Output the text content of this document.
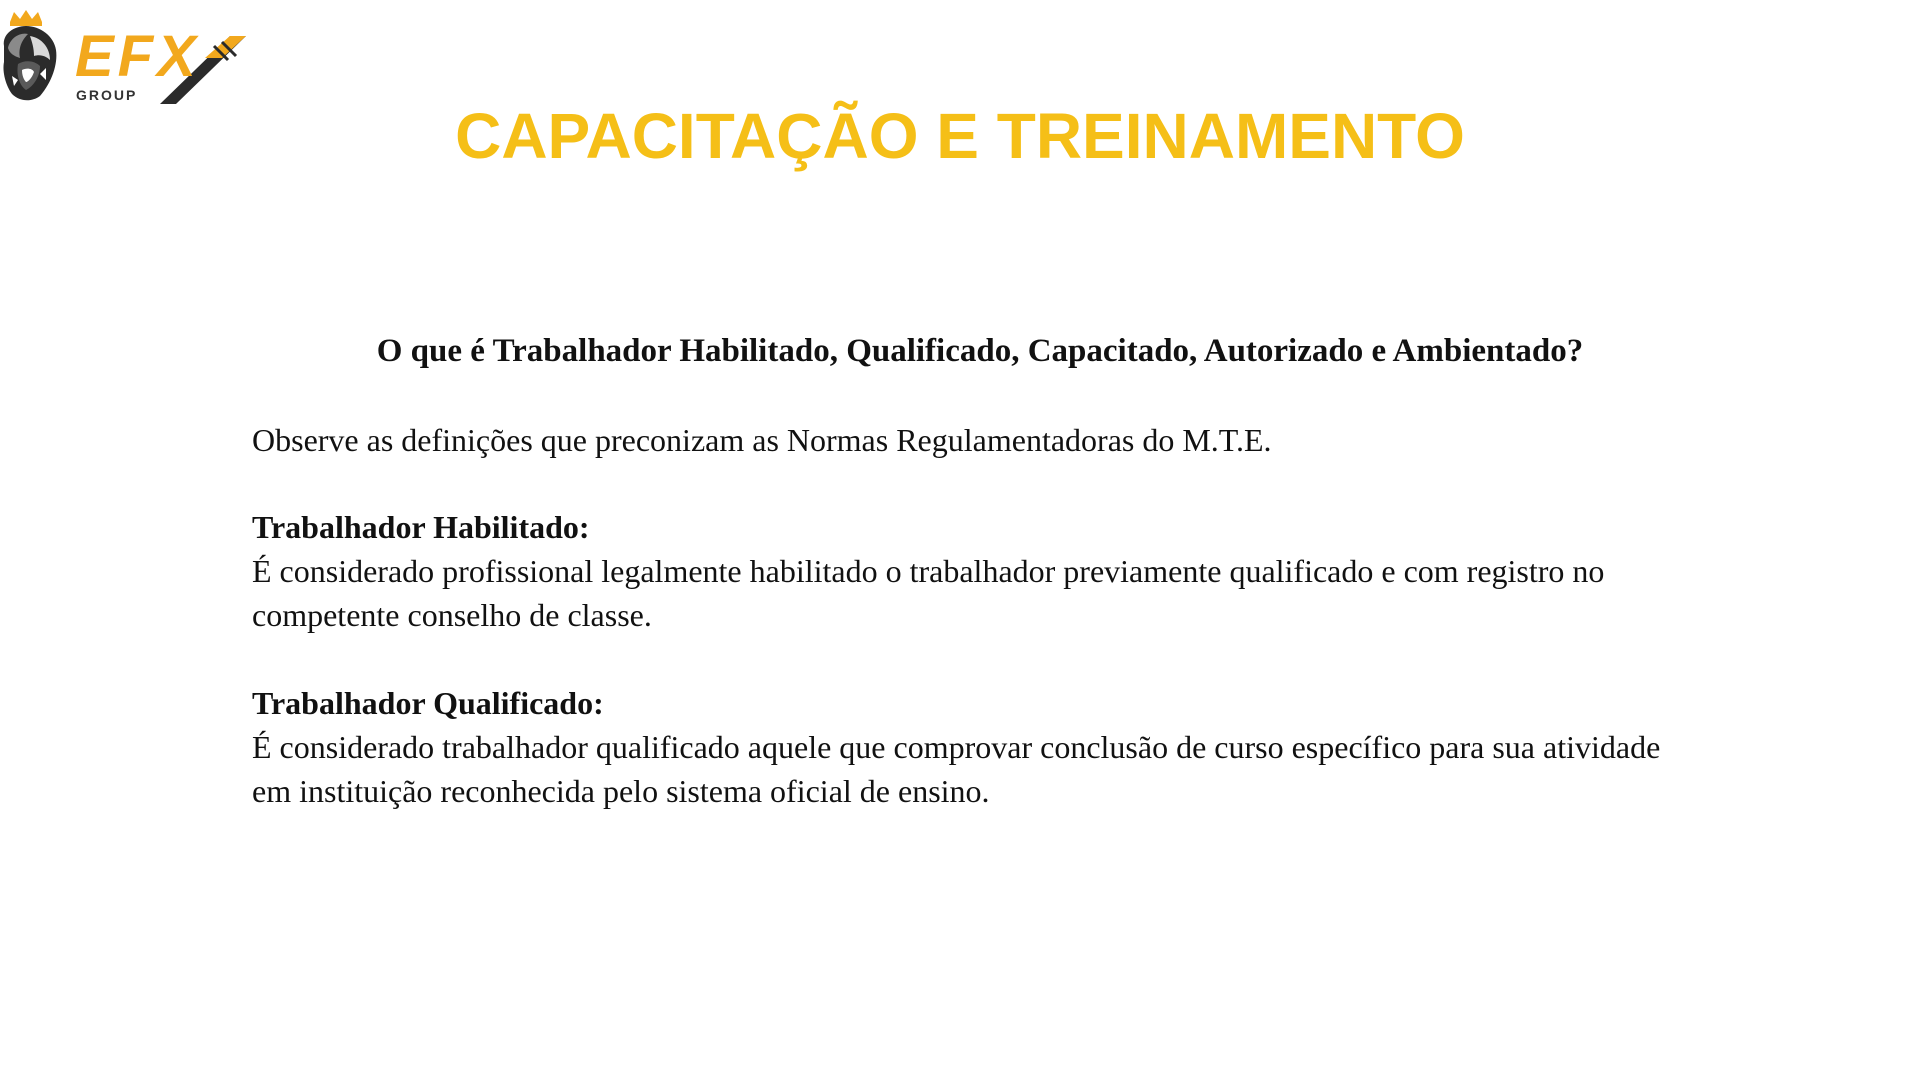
EFX
GROUP
CAPACITAÇÃO E TREINAMENTO

O que é Trabalhador Habilitado, Qualificado, Capacitado, Autorizado e Ambientado?

Observe as definições que preconizam as Normas Regulamentadoras do M.T.E.

Trabalhador Habilitado:
É considerado profissional legalmente habilitado o trabalhador previamente qualificado e com registro no competente conselho de classe.

Trabalhador Qualificado:
É considerado trabalhador qualificado aquele que comprovar conclusão de curso específico para sua atividade em instituição reconhecida pelo sistema oficial de ensino.
